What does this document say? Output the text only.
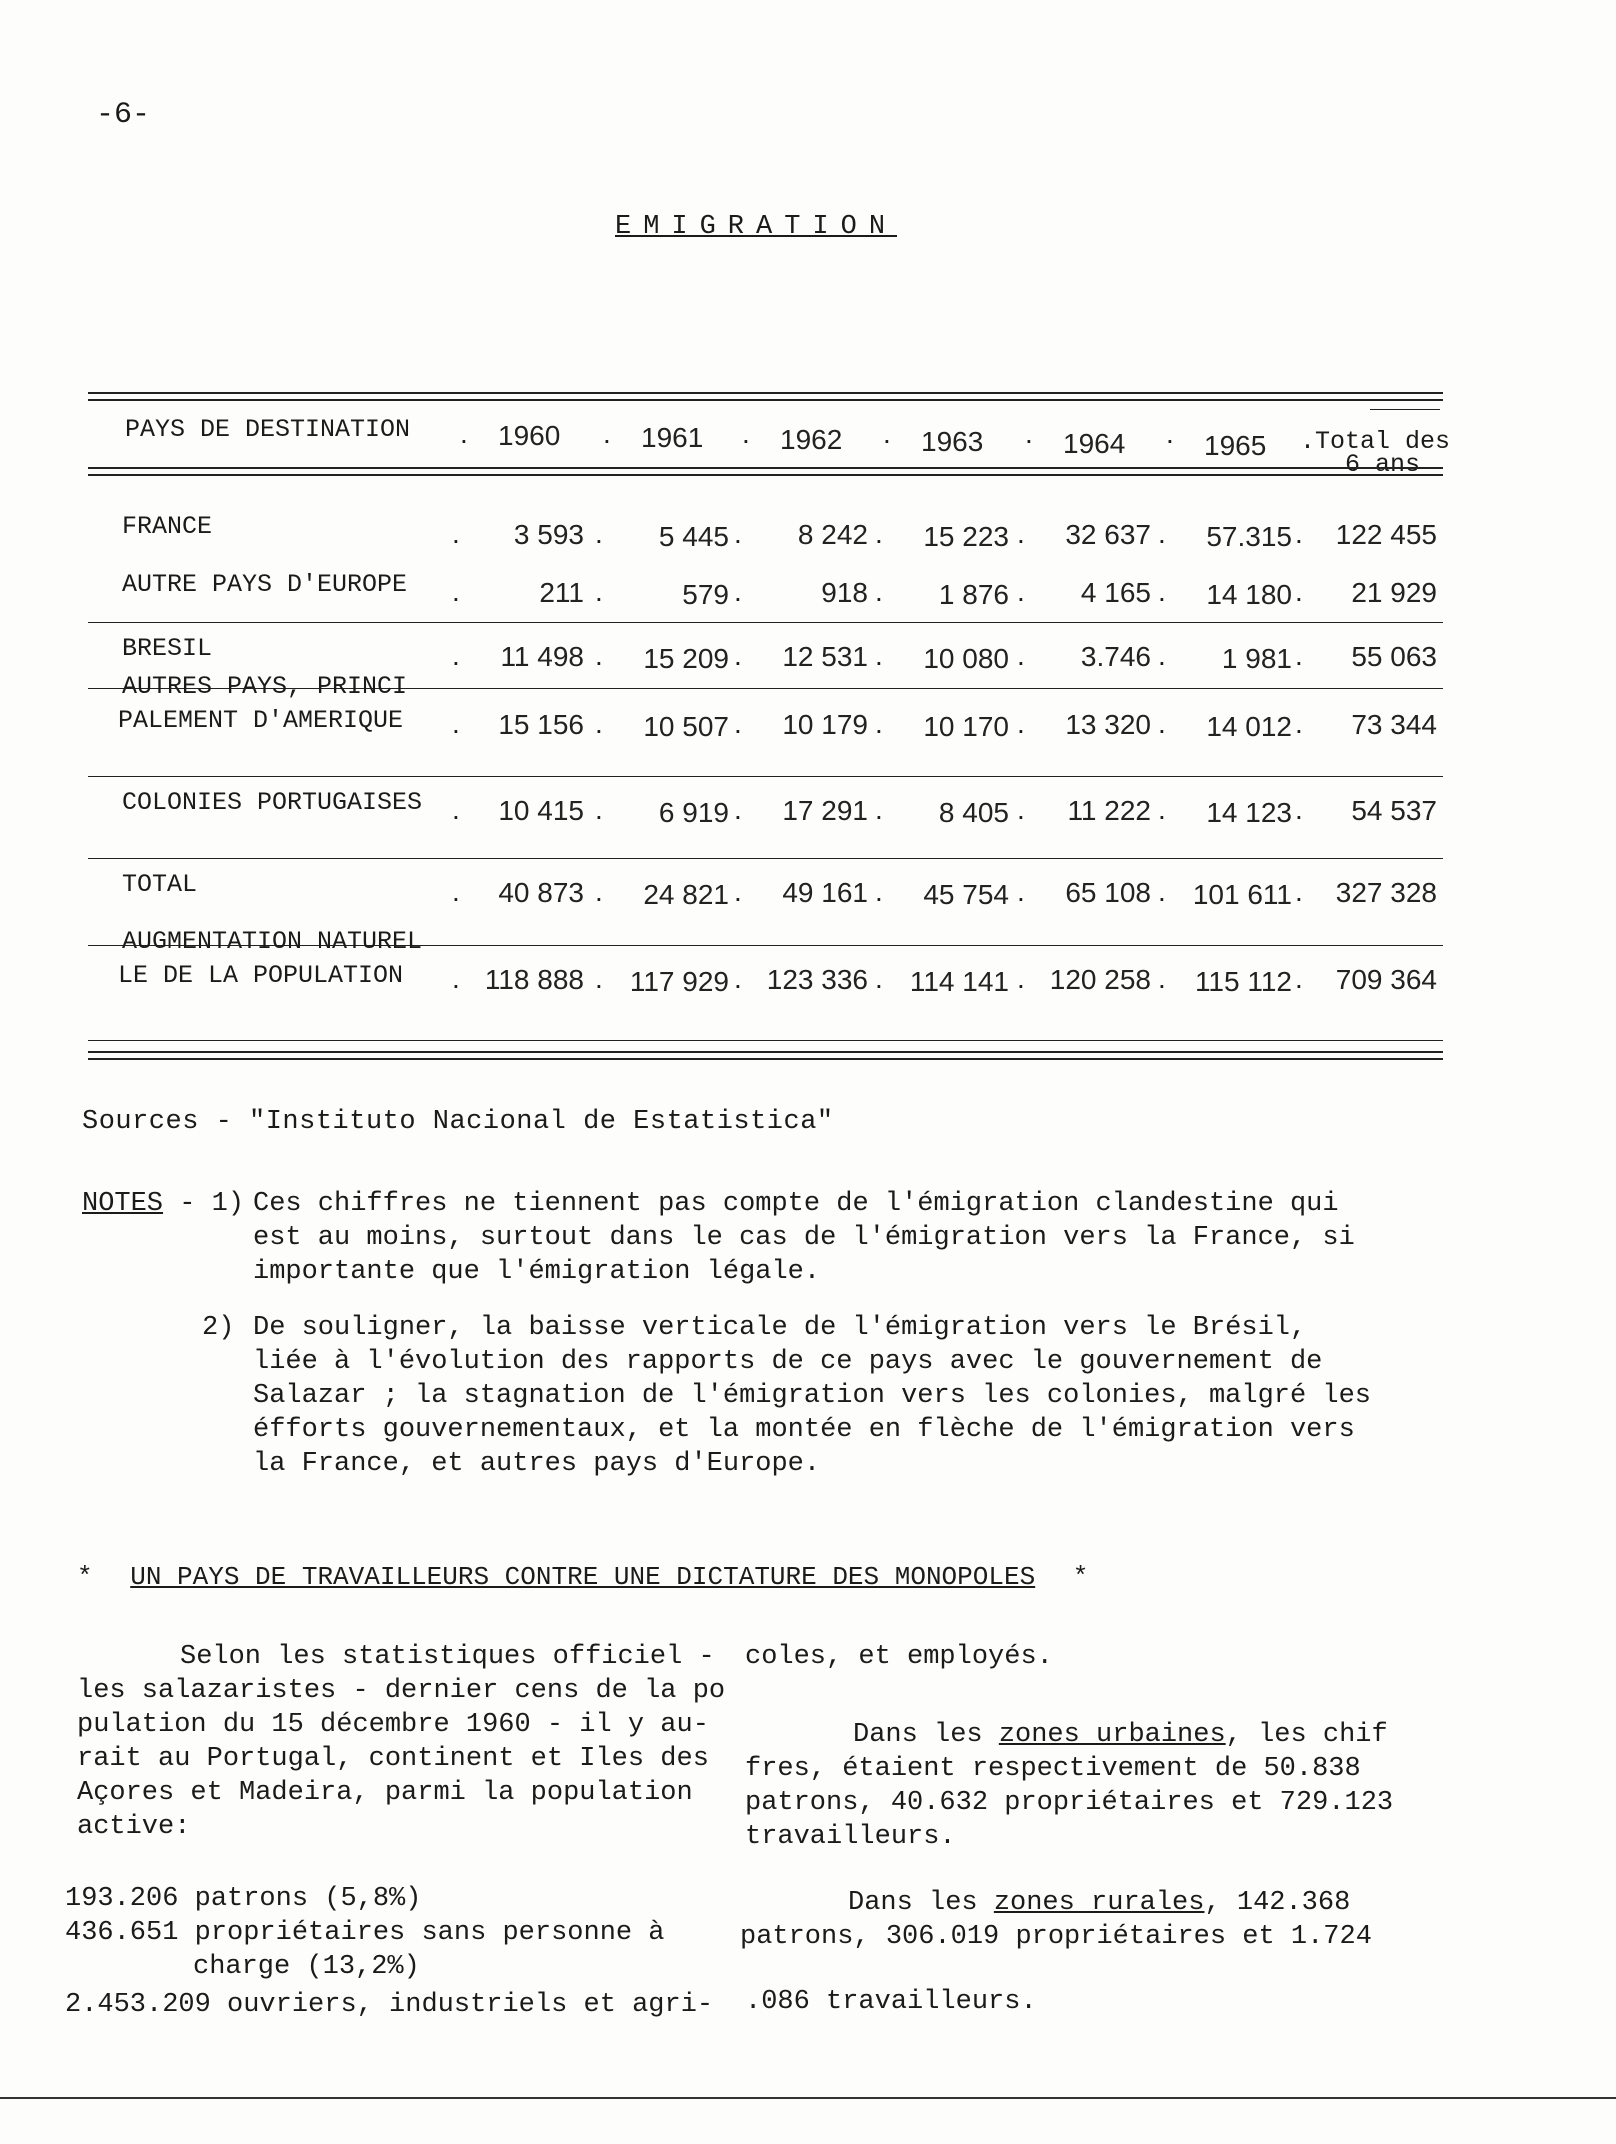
-6-
EMIGRATION
PAYS DE DESTINATION . 1960 . 1961 . 1962 . 1963 . 1964 . 1965 .Total des
6 ans
FRANCE	.	3 593 .	5 445 .	8 242 .	15 223 .	32 637 .	57.315 .	122 455
AUTRE PAYS D'EUROPE .	211 .	579 .	918 .	1 876 .	4 165 .	14 180 .	21 929
BRESIL	.	11 498 .	15 209 .	12 531 .	10 080 .	3.746 .	1 981 .	55 063
AUTRES PAYS, PRINCI
PALEMENT D'AMERIQUE .	15 156 .	10 507 .	10 179 .	10 170 .	13 320 .	14 012 .	73 344
COLONIES PORTUGAISES .	10 415 .	6 919 .	17 291 .	8 405 .	11 222 .	14 123 .	54 537
TOTAL	.	40 873 .	24 821 .	49 161 .	45 754 .	65 108 . 101 611 .	327 328
AUGMENTATION NATUREL
LE DE LA POPULATION . 118 888 . 117 929 . 123 336 . 114 141 . 120 258 .	115 112 .	709 364
Sources - "Instituto Nacional de Estatistica"
NOTES - 1) Ces chiffres ne tiennent pas compte de l'émigration clandestine qui est au moins, surtout dans le cas de l'émigration vers la France, si importante que l'émigration légale.
2) De souligner, la baisse verticale de l'émigration vers le Brésil, liée à l'évolution des rapports de ce pays avec le gouvernement de Salazar ; la stagnation de l'émigration vers les colonies, malgré les éfforts gouvernementaux, et la montée en flèche de l'émigration vers la France, et autres pays d'Europe.
* UN PAYS DE TRAVAILLEURS CONTRE UNE DICTATURE DES MONOPOLES *
Selon les statistiques officiel -
les salazaristes - dernier cens de la po
pulation du 15 décembre 1960 - il y au-
rait au Portugal, continent et Iles des
Açores et Madeira, parmi la population
active:
193.206 patrons (5,8%)
436.651 propriétaires sans personne à
charge (13,2%)
2.453.209 ouvriers, industriels et agri-
coles, et employés.
Dans les zones urbaines, les chif
fres, étaient respectivement de 50.838
patrons, 40.632 propriétaires et 729.123
travailleurs.
Dans les zones rurales, 142.368
patrons, 306.019 propriétaires et 1.724
.086 travailleurs.
